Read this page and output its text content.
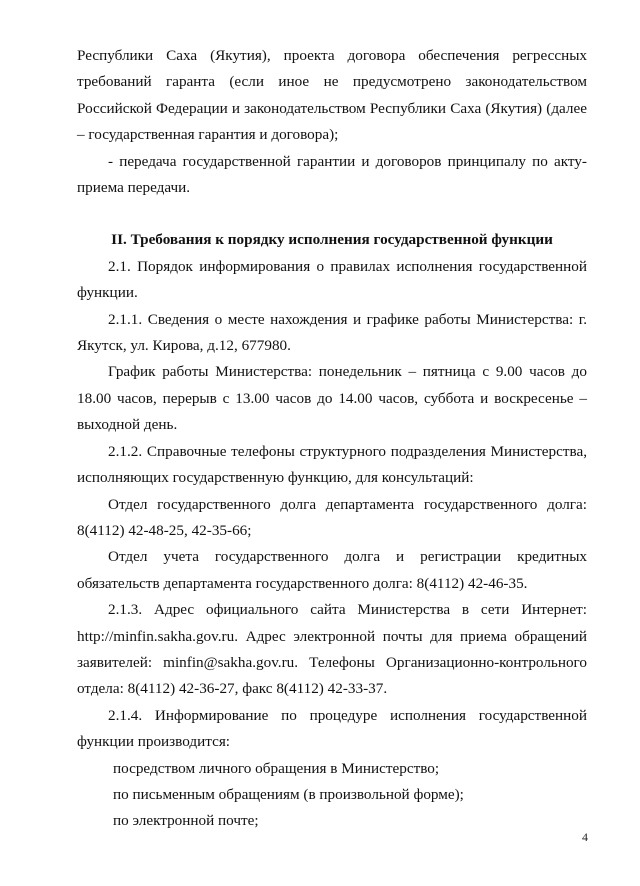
Республики Саха (Якутия), проекта договора обеспечения регрессных требований гаранта (если иное не предусмотрено законодательством Российской Федерации и законодательством Республики Саха (Якутия) (далее – государственная гарантия и договора);

- передача государственной гарантии и договоров принципалу по акту-приема передачи.

II. Требования к порядку исполнения государственной функции

2.1. Порядок информирования о правилах исполнения государственной функции.

2.1.1. Сведения о месте нахождения и графике работы Министерства: г. Якутск, ул. Кирова, д.12, 677980.

График работы Министерства: понедельник – пятница с 9.00 часов до 18.00 часов, перерыв с 13.00 часов до 14.00 часов, суббота и воскресенье – выходной день.

2.1.2. Справочные телефоны структурного подразделения Министерства, исполняющих государственную функцию, для консультаций:

Отдел государственного долга департамента государственного долга: 8(4112) 42-48-25, 42-35-66;

Отдел учета государственного долга и регистрации кредитных обязательств департамента государственного долга: 8(4112) 42-46-35.

2.1.3. Адрес официального сайта Министерства в сети Интернет: http://minfin.sakha.gov.ru. Адрес электронной почты для приема обращений заявителей: minfin@sakha.gov.ru. Телефоны Организационно-контрольного отдела: 8(4112) 42-36-27, факс 8(4112) 42-33-37.

2.1.4. Информирование по процедуре исполнения государственной функции производится:

посредством личного обращения в Министерство;

по письменным обращениям (в произвольной форме);

по электронной почте;

4
